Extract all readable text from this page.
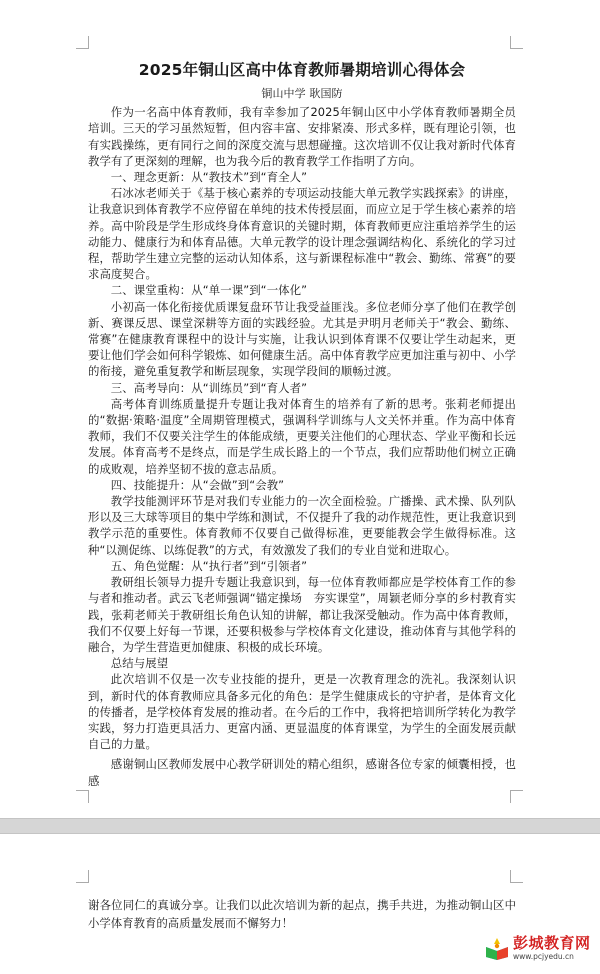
2025年铜山区高中体育教师暑期培训心得体会
铜山中学 耿国防

作为一名高中体育教师，我有幸参加了2025年铜山区中小学体育教师暑期全员培训。三天的学习虽然短暂，但内容丰富、安排紧凑、形式多样，既有理论引领，也有实践操练，更有同行之间的深度交流与思想碰撞。这次培训不仅让我对新时代体育教学有了更深刻的理解，也为我今后的教育教学工作指明了方向。

一、理念更新：从“教技术”到“育全人”

石冰冰老师关于《基于核心素养的专项运动技能大单元教学实践探索》的讲座，让我意识到体育教学不应停留在单纯的技术传授层面，而应立足于学生核心素养的培养。高中阶段是学生形成终身体育意识的关键时期，体育教师更应注重培养学生的运动能力、健康行为和体育品德。大单元教学的设计理念强调结构化、系统化的学习过程，帮助学生建立完整的运动认知体系，这与新课程标准中“教会、勤练、常赛”的要求高度契合。

二、课堂重构：从“单一课”到“一体化”

小初高一体化衔接优质课复盘环节让我受益匪浅。多位老师分享了他们在教学创新、赛课反思、课堂深耕等方面的实践经验。尤其是尹明月老师关于“教会、勤练、常赛”在健康教育课程中的设计与实施，让我认识到体育课不仅要让学生动起来，更要让他们学会如何科学锻炼、如何健康生活。高中体育教学应更加注重与初中、小学的衔接，避免重复教学和断层现象，实现学段间的顺畅过渡。

三、高考导向：从“训练员”到“育人者”

高考体育训练质量提升专题让我对体育生的培养有了新的思考。张莉老师提出的“数据·策略·温度”全周期管理模式，强调科学训练与人文关怀并重。作为高中体育教师，我们不仅要关注学生的体能成绩，更要关注他们的心理状态、学业平衡和长远发展。体育高考不是终点，而是学生成长路上的一个节点，我们应帮助他们树立正确的成败观，培养坚韧不拔的意志品质。

四、技能提升：从“会做”到“会教”

教学技能测评环节是对我们专业能力的一次全面检验。广播操、武术操、队列队形以及三大球等项目的集中学练和测试，不仅提升了我的动作规范性，更让我意识到教学示范的重要性。体育教师不仅要自己做得标准，更要能教会学生做得标准。这种“以测促练、以练促教”的方式，有效激发了我们的专业自觉和进取心。

五、角色觉醒：从“执行者”到“引领者”

教研组长领导力提升专题让我意识到，每一位体育教师都应是学校体育工作的参与者和推动者。武云飞老师强调“锚定操场　夯实课堂”，周颖老师分享的乡村教育实践，张莉老师关于教研组长角色认知的讲解，都让我深受触动。作为高中体育教师，我们不仅要上好每一节课，还要积极参与学校体育文化建设，推动体育与其他学科的融合，为学生营造更加健康、积极的成长环境。

总结与展望

此次培训不仅是一次专业技能的提升，更是一次教育理念的洗礼。我深刻认识到，新时代的体育教师应具备多元化的角色：是学生健康成长的守护者，是体育文化的传播者，是学校体育发展的推动者。在今后的工作中，我将把培训所学转化为教学实践，努力打造更具活力、更富内涵、更显温度的体育课堂，为学生的全面发展贡献自己的力量。

感谢铜山区教师发展中心教学研训处的精心组织，感谢各位专家的倾囊相授，也感

谢各位同仁的真诚分享。让我们以此次培训为新的起点，携手共进，为推动铜山区中小学体育教育的高质量发展而不懈努力！
彭城教育网
www.pcjyedu.cn
